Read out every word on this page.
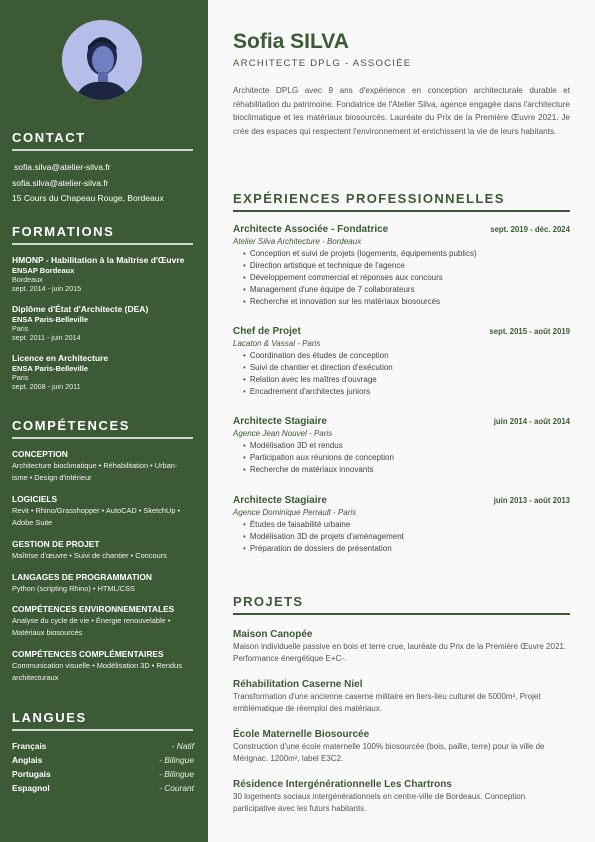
CONTACT
sofia.silva@atelier-silva.fr
sofia.silva@atelier-silva.fr
15 Cours du Chapeau Rouge, Bordeaux
FORMATIONS
HMONP - Habilitation à la Maîtrise d'Œuvre
ENSAP Bordeaux
Bordeaux
sept. 2014 - juin 2015
Diplôme d'État d'Architecte (DEA)
ENSA Paris-Belleville
Paris
sept. 2011 - juin 2014
Licence en Architecture
ENSA Paris-Belleville
Paris
sept. 2008 - juin 2011
COMPÉTENCES
CONCEPTION
Architecture bioclimatique • Réhabilitation • Urban-
isme • Design d'intérieur
LOGICIELS
Revit • Rhino/Grasshopper • AutoCAD • SketchUp •
Adobe Suite
GESTION DE PROJET
Maîtrise d'œuvre • Suivi de chantier • Concours
LANGAGES DE PROGRAMMATION
Python (scripting Rhino) • HTML/CSS
COMPÉTENCES ENVIRONNEMENTALES
Analyse du cycle de vie • Énergie renouvelable •
Matériaux biosourcés
COMPÉTENCES COMPLÉMENTAIRES
Communication visuelle • Modélisation 3D • Rendus
architecturaux
LANGUES
Français	- Natif
Anglais	- Bilingue
Portugais	- Bilingue
Espagnol	- Courant
Sofia SILVA
ARCHITECTE DPLG - ASSOCIÉE
Architecte DPLG avec 9 ans d'expérience en conception architecturale durable et réhabilitation du patrimoine. Fondatrice de l'Atelier Silva, agence engagée dans l'architecture bioclimatique et les matériaux biosourcés. Lauréate du Prix de la Première Œuvre 2021. Je crée des espaces qui respectent l'environnement et enrichissent la vie de leurs habitants.
EXPÉRIENCES PROFESSIONNELLES
Architecte Associée - Fondatrice	sept. 2019 - déc. 2024
Atelier Silva Architecture - Bordeaux
• Conception et suivi de projets (logements, équipements publics)
• Direction artistique et technique de l'agence
• Développement commercial et réponses aux concours
• Management d'une équipe de 7 collaborateurs
• Recherche et innovation sur les matériaux biosourcés
Chef de Projet	sept. 2015 - août 2019
Lacaton & Vassal - Paris
• Coordination des études de conception
• Suivi de chantier et direction d'exécution
• Relation avec les maîtres d'ouvrage
• Encadrement d'architectes juniors
Architecte Stagiaire	juin 2014 - août 2014
Agence Jean Nouvel - Paris
• Modélisation 3D et rendus
• Participation aux réunions de conception
• Recherche de matériaux innovants
Architecte Stagiaire	juin 2013 - août 2013
Agence Dominique Perrault - Paris
• Études de faisabilité urbaine
• Modélisation 3D de projets d'aménagement
• Préparation de dossiers de présentation
PROJETS
Maison Canopée
Maison individuelle passive en bois et terre crue, lauréate du Prix de la Première Œuvre 2021. Performance énergétique E+C-.
Réhabilitation Caserne Niel
Transformation d'une ancienne caserne militaire en tiers-lieu culturel de 5000m². Projet emblématique de réemploi des matériaux.
École Maternelle Biosourcée
Construction d'une école maternelle 100% biosourcée (bois, paille, terre) pour la ville de Mérignac. 1200m², label E3C2.
Résidence Intergénérationnelle Les Chartrons
30 logements sociaux intergénérationnels en centre-ville de Bordeaux. Conception participative avec les futurs habitants.
